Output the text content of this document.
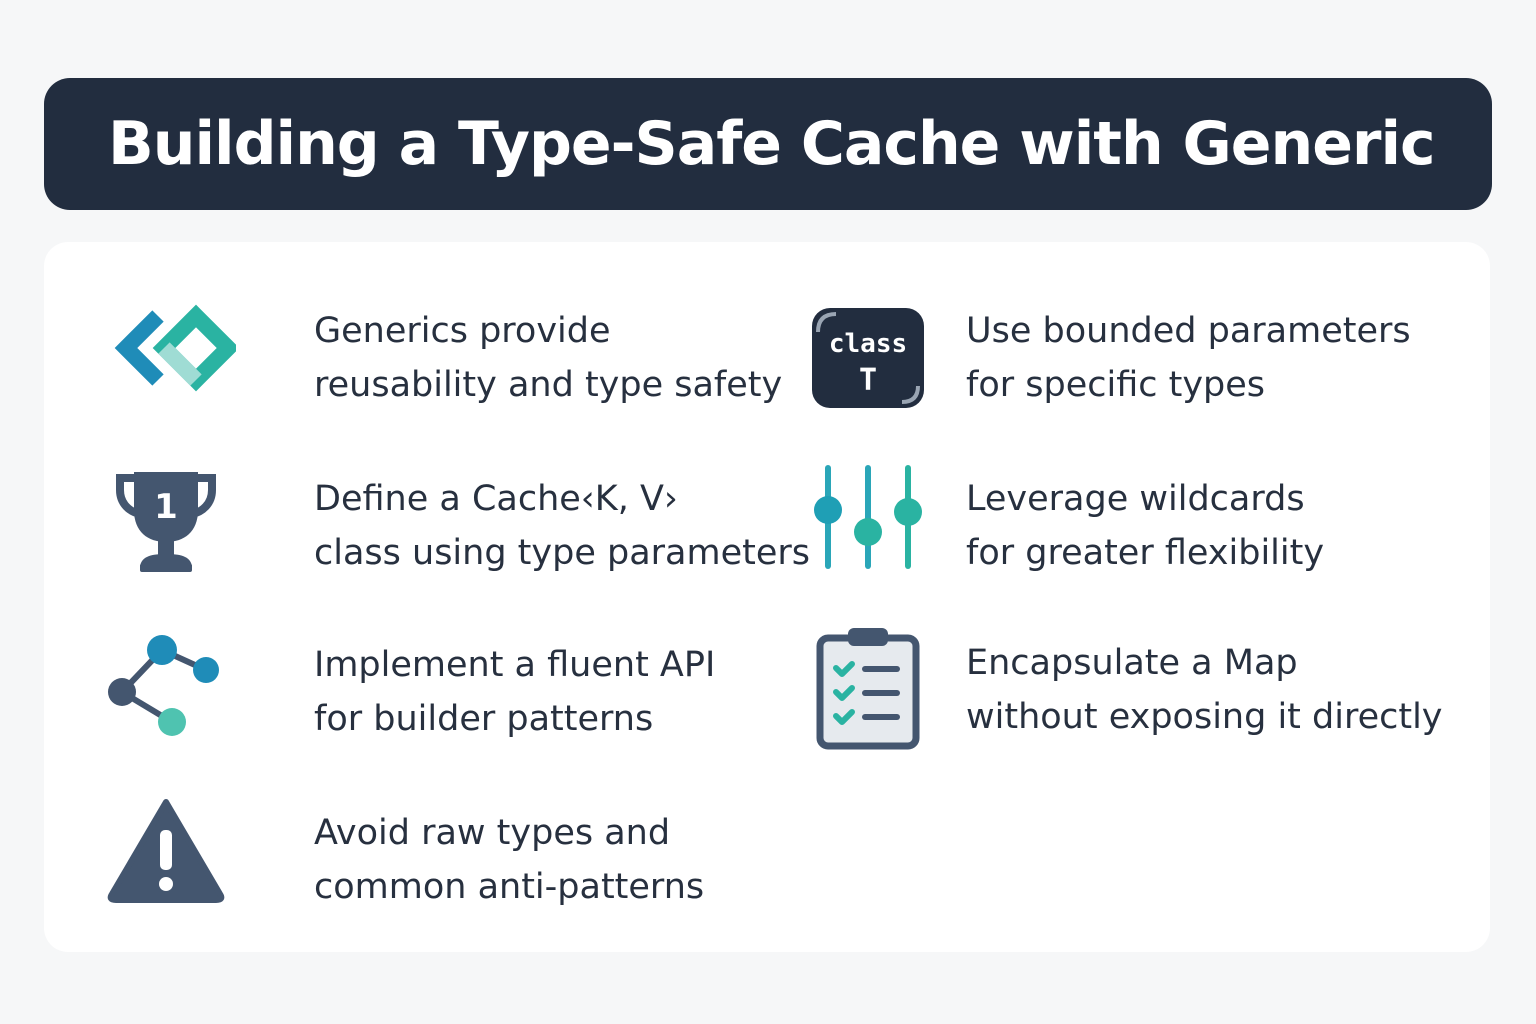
Building a Type-Safe Cache with Generic
Generics provide
reusability and type safety
1	Define a Cache‹K, V›
class using type parameters
Implement a fluent API
for builder patterns
Avoid raw types and
common anti-patterns
class
T
Use bounded parameters
for specific types
Leverage wildcards
for greater flexibility
Encapsulate a Map
without exposing it directly
